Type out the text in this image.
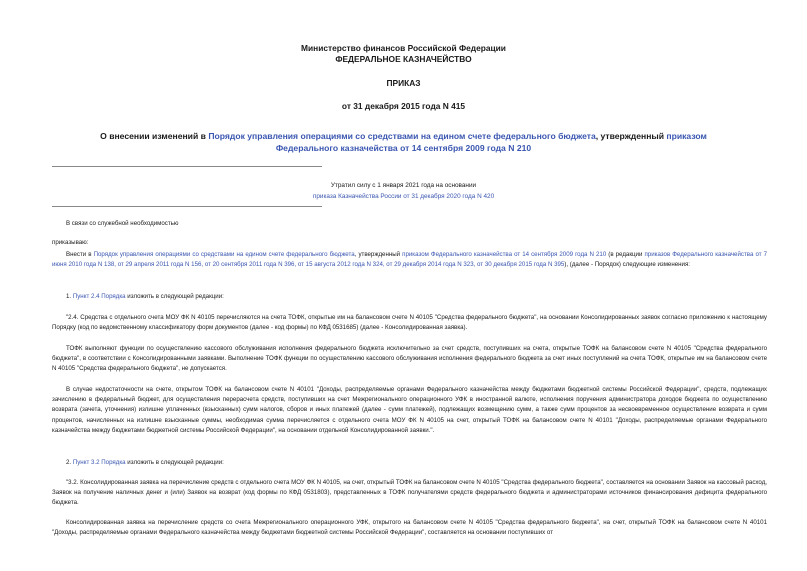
Министерство финансов Российской Федерации
ФЕДЕРАЛЬНОЕ КАЗНАЧЕЙСТВО
ПРИКАЗ
от 31 декабря 2015 года N 415
О внесении изменений в Порядок управления операциями со средствами на едином счете федерального бюджета, утвержденный приказом Федерального казначейства от 14 сентября 2009 года N 210
Утратил силу с 1 января 2021 года на основании
приказа Казначейства России от 31 декабря 2020 года N 420
В связи со служебной необходимостью
приказываю:
Внести в Порядок управления операциями со средствами на едином счете федерального бюджета, утвержденный приказом Федерального казначейства от 14 сентября 2009 года N 210 (в редакции приказов Федерального казначейства от 7 июня 2010 года N 138, от 29 апреля 2011 года N 156, от 20 сентября 2011 года N 396, от 15 августа 2012 года N 324, от 29 декабря 2014 года N 323, от 30 декабря 2015 года N 395), (далее - Порядок) следующие изменения:
1. Пункт 2.4 Порядка изложить в следующей редакции:
"2.4. Средства с отдельного счета МОУ ФК N 40105 перечисляются на счета ТОФК, открытые им на балансовом счете N 40105 "Средства федерального бюджета", на основании Консолидированных заявок согласно приложению к настоящему Порядку (код по ведомственному классификатору форм документов (далее - код формы) по КФД 0531685) (далее - Консолидированная заявка).
ТОФК выполняют функции по осуществлению кассового обслуживания исполнения федерального бюджета исключительно за счет средств, поступивших на счета, открытые ТОФК на балансовом счете N 40105 "Средства федерального бюджета", в соответствии с Консолидированными заявками. Выполнение ТОФК функции по осуществлению кассового обслуживания исполнения федерального бюджета за счет иных поступлений на счета ТОФК, открытые им на балансовом счете N 40105 "Средства федерального бюджета", не допускается.
В случае недостаточности на счете, открытом ТОФК на балансовом счете N 40101 "Доходы, распределяемые органами Федерального казначейства между бюджетами бюджетной системы Российской Федерации", средств, подлежащих зачислению в федеральный бюджет, для осуществления перерасчета средств, поступивших на счет Межрегионального операционного УФК в иностранной валюте, исполнения поручения администратора доходов бюджета по осуществлению возврата (зачета, уточнения) излишне уплаченных (взысканных) сумм налогов, сборов и иных платежей (далее - сумм платежей), подлежащих возмещению сумм, а также сумм процентов за несвоевременное осуществление возврата и сумм процентов, начисленных на излишне взысканные суммы, необходимая сумма перечисляется с отдельного счета МОУ ФК N 40105 на счет, открытый ТОФК на балансовом счете N 40101 "Доходы, распределяемые органами Федерального казначейства между бюджетами бюджетной системы Российской Федерации", на основании отдельной Консолидированной заявки.".
2. Пункт 3.2 Порядка изложить в следующей редакции:
"3.2. Консолидированная заявка на перечисление средств с отдельного счета МОУ ФК N 40105, на счет, открытый ТОФК на балансовом счете N 40105 "Средства федерального бюджета", составляется на основании Заявок на кассовый расход, Заявок на получение наличных денег и (или) Заявок на возврат (код формы по КФД 0531803), представленных в ТОФК получателями средств федерального бюджета и администраторами источников финансирования дефицита федерального бюджета.
Консолидированная заявка на перечисление средств со счета Межрегионального операционного УФК, открытого на балансовом счете N 40105 "Средства федерального бюджета", на счет, открытый ТОФК на балансовом счете N 40101 "Доходы, распределяемые органами Федерального казначейства между бюджетами бюджетной системы Российской Федерации", составляется на основании поступивших от
